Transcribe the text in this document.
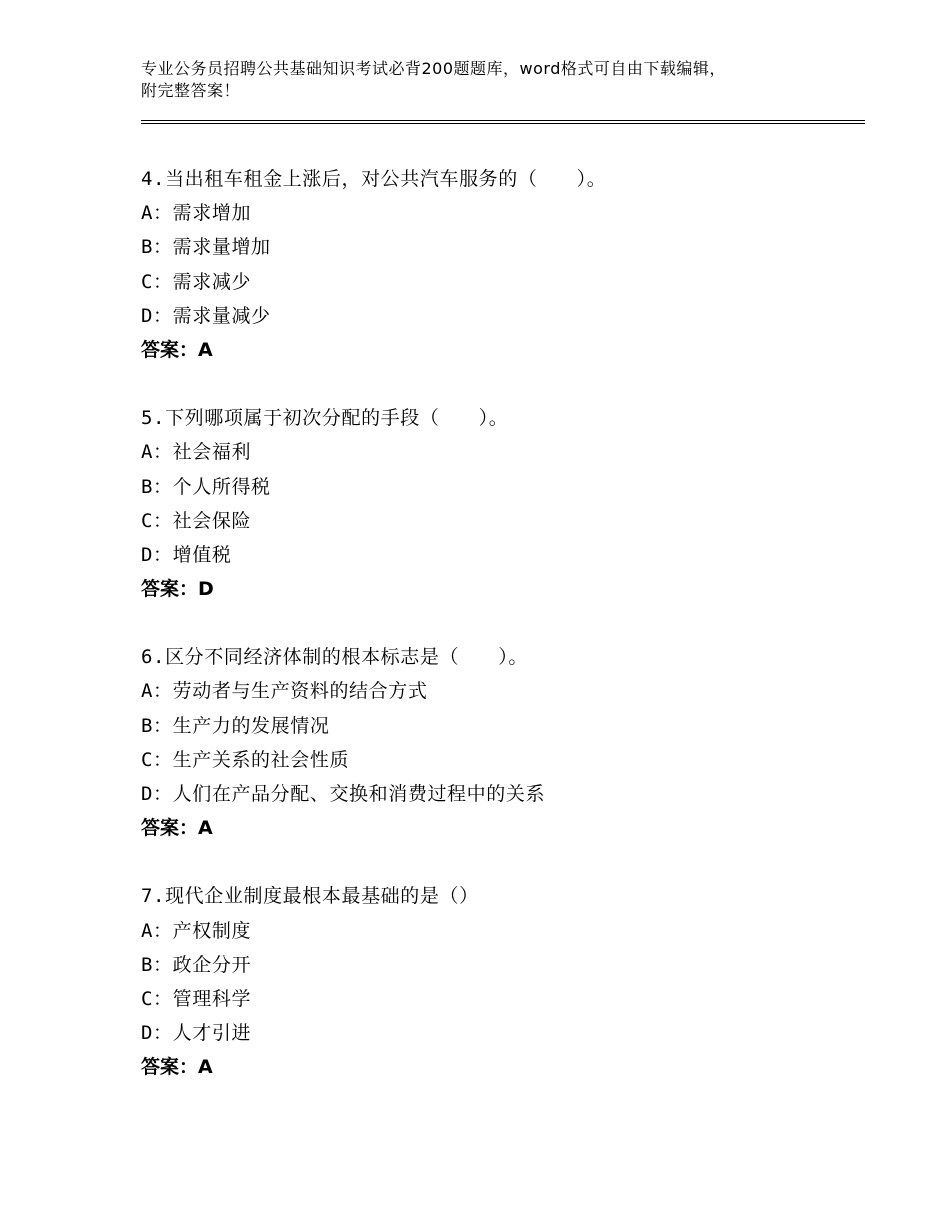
专业公务员招聘公共基础知识考试必背200题题库，word格式可自由下载编辑，
附完整答案！
4.当出租车租金上涨后，对公共汽车服务的（　　）。
A：需求增加
B：需求量增加
C：需求减少
D：需求量减少
答案：A
5.下列哪项属于初次分配的手段（　　）。
A：社会福利
B：个人所得税
C：社会保险
D：增值税
答案：D
6.区分不同经济体制的根本标志是（　　）。
A：劳动者与生产资料的结合方式
B：生产力的发展情况
C：生产关系的社会性质
D：人们在产品分配、交换和消费过程中的关系
答案：A
7.现代企业制度最根本最基础的是（）
A：产权制度
B：政企分开
C：管理科学
D：人才引进
答案：A
